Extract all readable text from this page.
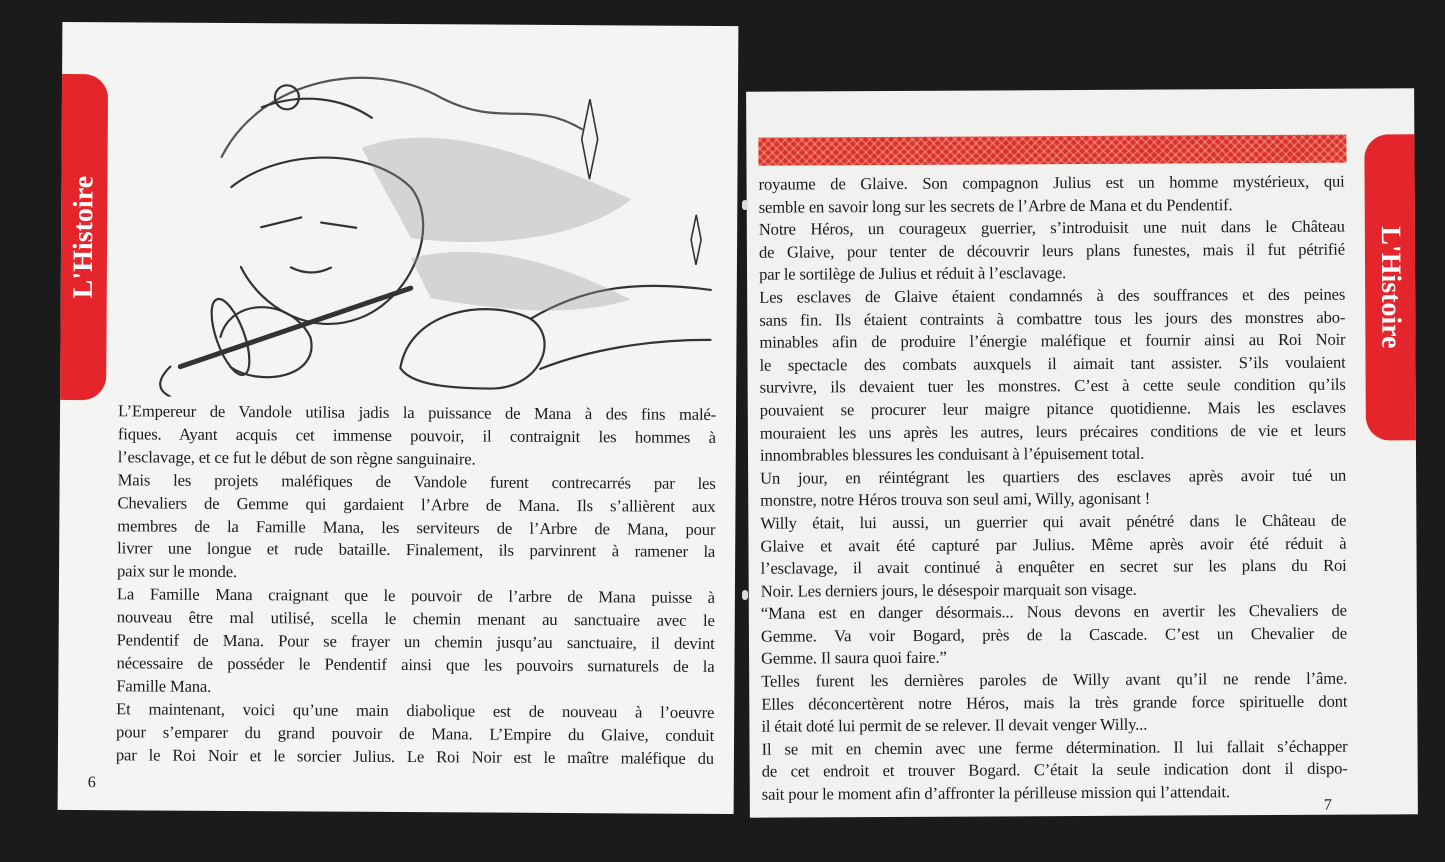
L'Histoire
L’Empereur de Vandole utilisa jadis la puissance de Mana à des fins malé-
fiques. Ayant acquis cet immense pouvoir, il contraignit les hommes à
l’esclavage, et ce fut le début de son règne sanguinaire.
Mais les projets maléfiques de Vandole furent contrecarrés par les
Chevaliers de Gemme qui gardaient l’Arbre de Mana. Ils s’allièrent aux
membres de la Famille Mana, les serviteurs de l’Arbre de Mana, pour
livrer une longue et rude bataille. Finalement, ils parvinrent à ramener la
paix sur le monde.
La Famille Mana craignant que le pouvoir de l’arbre de Mana puisse à
nouveau être mal utilisé, scella le chemin menant au sanctuaire avec le
Pendentif de Mana. Pour se frayer un chemin jusqu’au sanctuaire, il devint
nécessaire de posséder le Pendentif ainsi que les pouvoirs surnaturels de la
Famille Mana.
Et maintenant, voici qu’une main diabolique est de nouveau à l’oeuvre
pour s’emparer du grand pouvoir de Mana. L’Empire du Glaive, conduit
par le Roi Noir et le sorcier Julius. Le Roi Noir est le maître maléfique du
6
L'Histoire
royaume de Glaive. Son compagnon Julius est un homme mystérieux, qui
semble en savoir long sur les secrets de l’Arbre de Mana et du Pendentif.
Notre Héros, un courageux guerrier, s’introduisit une nuit dans le Château
de Glaive, pour tenter de découvrir leurs plans funestes, mais il fut pétrifié
par le sortilège de Julius et réduit à l’esclavage.
Les esclaves de Glaive étaient condamnés à des souffrances et des peines
sans fin. Ils étaient contraints à combattre tous les jours des monstres abo-
minables afin de produire l’énergie maléfique et fournir ainsi au Roi Noir
le spectacle des combats auxquels il aimait tant assister. S’ils voulaient
survivre, ils devaient tuer les monstres. C’est à cette seule condition qu’ils
pouvaient se procurer leur maigre pitance quotidienne. Mais les esclaves
mouraient les uns après les autres, leurs précaires conditions de vie et leurs
innombrables blessures les conduisant à l’épuisement total.
Un jour, en réintégrant les quartiers des esclaves après avoir tué un
monstre, notre Héros trouva son seul ami, Willy, agonisant !
Willy était, lui aussi, un guerrier qui avait pénétré dans le Château de
Glaive et avait été capturé par Julius. Même après avoir été réduit à
l’esclavage, il avait continué à enquêter en secret sur les plans du Roi
Noir. Les derniers jours, le désespoir marquait son visage.
“Mana est en danger désormais... Nous devons en avertir les Chevaliers de
Gemme. Va voir Bogard, près de la Cascade. C’est un Chevalier de
Gemme. Il saura quoi faire.”
Telles furent les dernières paroles de Willy avant qu’il ne rende l’âme.
Elles déconcertèrent notre Héros, mais la très grande force spirituelle dont
il était doté lui permit de se relever. Il devait venger Willy...
Il se mit en chemin avec une ferme détermination. Il lui fallait s’échapper
de cet endroit et trouver Bogard. C’était la seule indication dont il dispo-
sait pour le moment afin d’affronter la périlleuse mission qui l’attendait.
7
